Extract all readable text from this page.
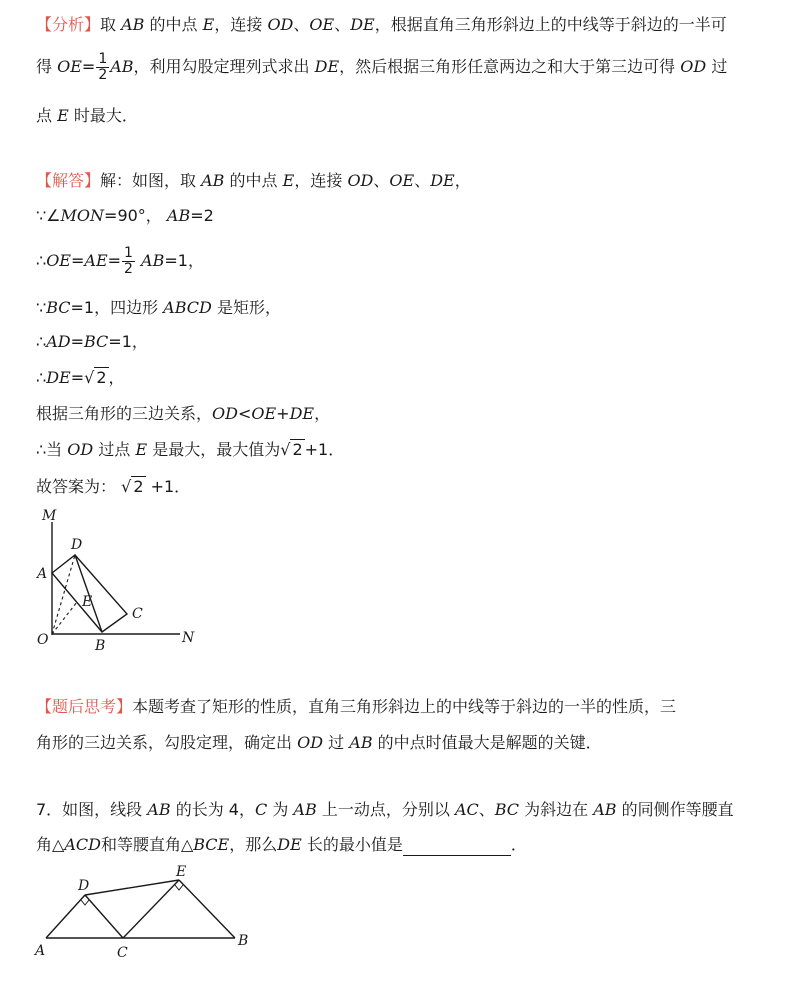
【分析】取 AB 的中点 E，连接 OD、OE、DE，根据直角三角形斜边上的中线等于斜边的一半可
得 $OE= \frac{1}{2}$ AB，利用勾股定理列式求出 DE，然后根据三角形任意两边之和大于第三边可得 OD 过
点 E 时最大．
【解答】解：如图，取 AB 的中点 E，连接 OD、OE、DE，
∵∠MON=90°， AB=2
∴OE=AE= $\frac{1}{2} AB=1$，
∵BC=1，四边形 ABCD 是矩形，
∴AD=BC=1，
∴DE=√ 2 ，
根据三角形的三边关系，OD<OE+DE，
∴当 OD 过点 E 是最大，最大值为√ 2 +1．
故答案为： √ 2 +1．
M
D
A
E
C
O	B	N
【题后思考】本题考查了矩形的性质，直角三角形斜边上的中线等于斜边的一半的性质，三
角形的三边关系，勾股定理，确定出 OD 过 AB 的中点时值最大是解题的关键．
7．如图，线段 AB 的长为 4，C 为 AB 上一动点，分别以 AC、BC 为斜边在 AB 的同侧作等腰直
角△ACD和等腰直角△BCE，那么DE 长的最小值是	．
D
E
A	C
B
